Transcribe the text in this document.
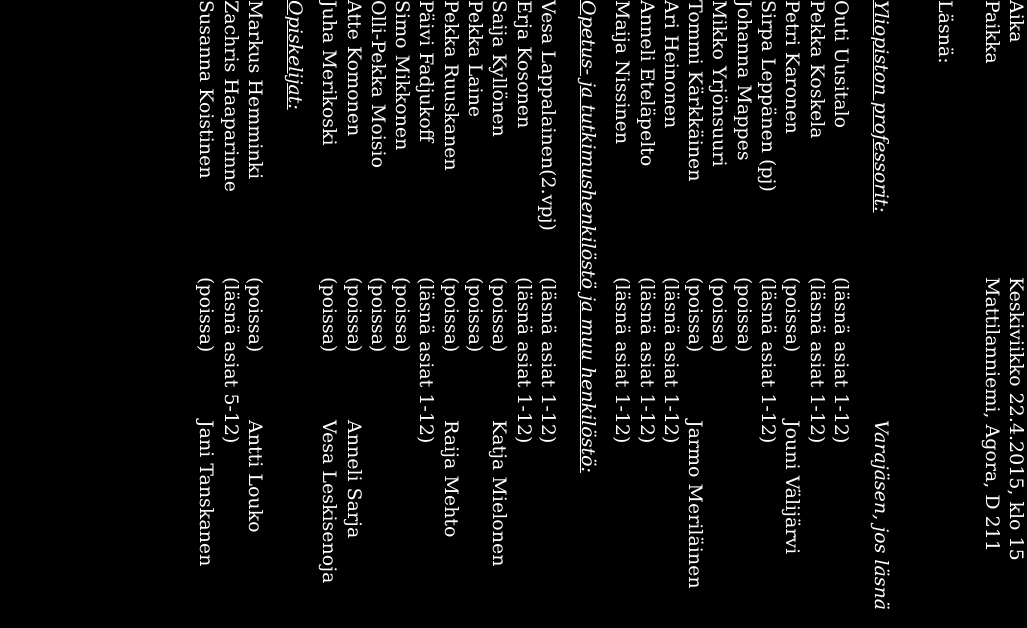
Aika
Keskiviikko 22.4.2015, klo 15
Paikka
Mattilanniemi, Agora, D 211
Läsnä:
Yliopiston professorit:
Varajäsen, jos läsnä
Outi Uusitalo
(läsnä asiat 1-12)
Pekka Koskela
(läsnä asiat 1-12)
Petri Karonen
(poissa)
Jouni Välijärvi
Sirpa Leppänen (pj)
(läsnä asiat 1-12)
Johanna Mappes
(poissa)
Mikko Yrjönsuuri
(poissa)
Tommi Kärkkäinen
(poissa)
Jarmo Meriläinen
Ari Heinonen
(läsnä asiat 1-12)
Anneli Eteläpelto
(läsnä asiat 1-12)
Maija Nissinen
(läsnä asiat 1-12)
Opetus- ja tutkimushenkilöstö ja muu henkilöstö:
Vesa Lappalainen(2.vpj)
(läsnä asiat 1-12)
Erja Kosonen
(läsnä asiat 1-12)
Saija Kyllönen
(poissa)
Katja Mielonen
Pekka Laine
(poissa)
Pekka Ruuskanen
(poissa)
Raija Mehto
Päivi Fadjukoff
(läsnä asiat 1-12)
Simo Mikkonen
(poissa)
Olli-Pekka Moisio
(poissa)
Atte Komonen
(poissa)
Anneli Sarja
Juha Merikoski
(poissa)
Vesa Leskisenoja
Opiskelijat:
Markus Hemminki
(poissa)
Antti Louko
Zachris Haaparinne
(läsnä asiat 5-12)
Susanna Koistinen
(poissa)
Jani Tanskanen
